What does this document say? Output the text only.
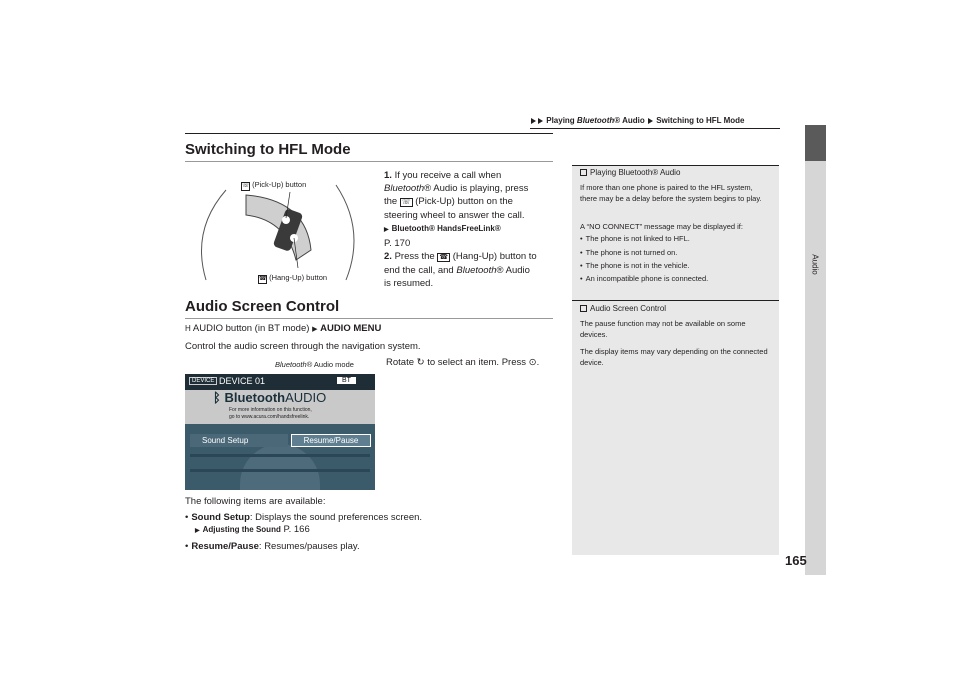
Playing Bluetooth® Audio Switching to HFL Mode
Audio
165
Switching to HFL Mode
☏ (Pick-Up) button
☎ (Hang-Up) button
1. If you receive a call when
Bluetooth® Audio is playing, press
the ☏ (Pick-Up) button on the
steering wheel to answer the call.
▶ Bluetooth® HandsFreeLink®
P. 170
2. Press the ☎ (Hang-Up) button to
end the call, and Bluetooth® Audio
is resumed.
Audio Screen Control
H AUDIO button (in BT mode) ▶ AUDIO MENU
Control the audio screen through the navigation system.
Bluetooth® Audio mode	Rotate ↻ to select an item. Press ⊙.
DEVICE DEVICE 01	BT
ᛒ BluetoothAUDIO
For more information on this function,
go to www.acura.com/handsfreelink.
Sound Setup	Resume/Pause
The following items are available:
• Sound Setup: Displays the sound preferences screen.
▶ Adjusting the Sound P. 166
• Resume/Pause: Resumes/pauses play.
Playing Bluetooth® Audio
If more than one phone is paired to the HFL system, there may be a delay before the system begins to play.
A “NO CONNECT” message may be displayed if:
• The phone is not linked to HFL.
• The phone is not turned on.
• The phone is not in the vehicle.
• An incompatible phone is connected.
Audio Screen Control
The pause function may not be available on some devices.
The display items may vary depending on the connected device.
